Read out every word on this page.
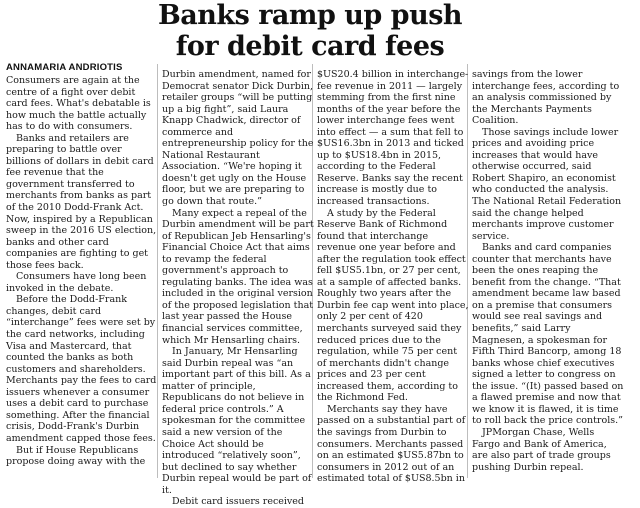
Banks ramp up push
for debit card fees
ANNAMARIA ANDRIOTIS

Consumers are again at the centre of a fight over debit card fees. What's debatable is how much the battle actually has to do with consumers.

Banks and retailers are preparing to battle over billions of dollars in debit card fee revenue that the government transferred to merchants from banks as part of the 2010 Dodd-Frank Act. Now, inspired by a Republican sweep in the 2016 US election, banks and other card companies are fighting to get those fees back.

Consumers have long been invoked in the debate.

Before the Dodd-Frank changes, debit card “interchange” fees were set by the card networks, including Visa and Mastercard, that counted the banks as both customers and shareholders. Merchants pay the fees to card issuers whenever a consumer uses a debit card to purchase something. After the financial crisis, Dodd-Frank's Durbin amendment capped those fees.

But if House Republicans propose doing away with the

Durbin amendment, named for Democrat senator Dick Durbin, retailer groups “will be putting up a big fight”, said Laura Knapp Chadwick, director of commerce and entrepreneurship policy for the National Restaurant Association. “We're hoping it doesn't get ugly on the House floor, but we are preparing to go down that route.”

Many expect a repeal of the Durbin amendment will be part of Republican Jeb Hensarling's Financial Choice Act that aims to revamp the federal government's approach to regulating banks. The idea was included in the original version of the proposed legislation that last year passed the House financial services committee, which Mr Hensarling chairs.

In January, Mr Hensarling said Durbin repeal was “an important part of this bill. As a matter of principle, Republicans do not believe in federal price controls.” A spokesman for the committee said a new version of the Choice Act should be introduced “relatively soon”, but declined to say whether Durbin repeal would be part of it.

Debit card issuers received

$US20.4 billion in interchange-fee revenue in 2011 — largely stemming from the first nine months of the year before the lower interchange fees went into effect — a sum that fell to $US16.3bn in 2013 and ticked up to $US18.4bn in 2015, according to the Federal Reserve. Banks say the recent increase is mostly due to increased transactions.

A study by the Federal Reserve Bank of Richmond found that interchange revenue one year before and after the regulation took effect fell $US5.1bn, or 27 per cent, at a sample of affected banks. Roughly two years after the Durbin fee cap went into place, only 2 per cent of 420 merchants surveyed said they reduced prices due to the regulation, while 75 per cent of merchants didn't change prices and 23 per cent increased them, according to the Richmond Fed.

Merchants say they have passed on a substantial part of the savings from Durbin to consumers. Merchants passed on an estimated $US5.87bn to consumers in 2012 out of an estimated total of $US8.5bn in

savings from the lower interchange fees, according to an analysis commissioned by the Merchants Payments Coalition.

Those savings include lower prices and avoiding price increases that would have otherwise occurred, said Robert Shapiro, an economist who conducted the analysis. The National Retail Federation said the change helped merchants improve customer service.

Banks and card companies counter that merchants have been the ones reaping the benefit from the change. “That amendment became law based on a premise that consumers would see real savings and benefits,” said Larry Magnesen, a spokesman for Fifth Third Bancorp, among 18 banks whose chief executives signed a letter to congress on the issue. “(It) passed based on a flawed premise and now that we know it is flawed, it is time to roll back the price controls.”

JPMorgan Chase, Wells Fargo and Bank of America, are also part of trade groups pushing Durbin repeal.
